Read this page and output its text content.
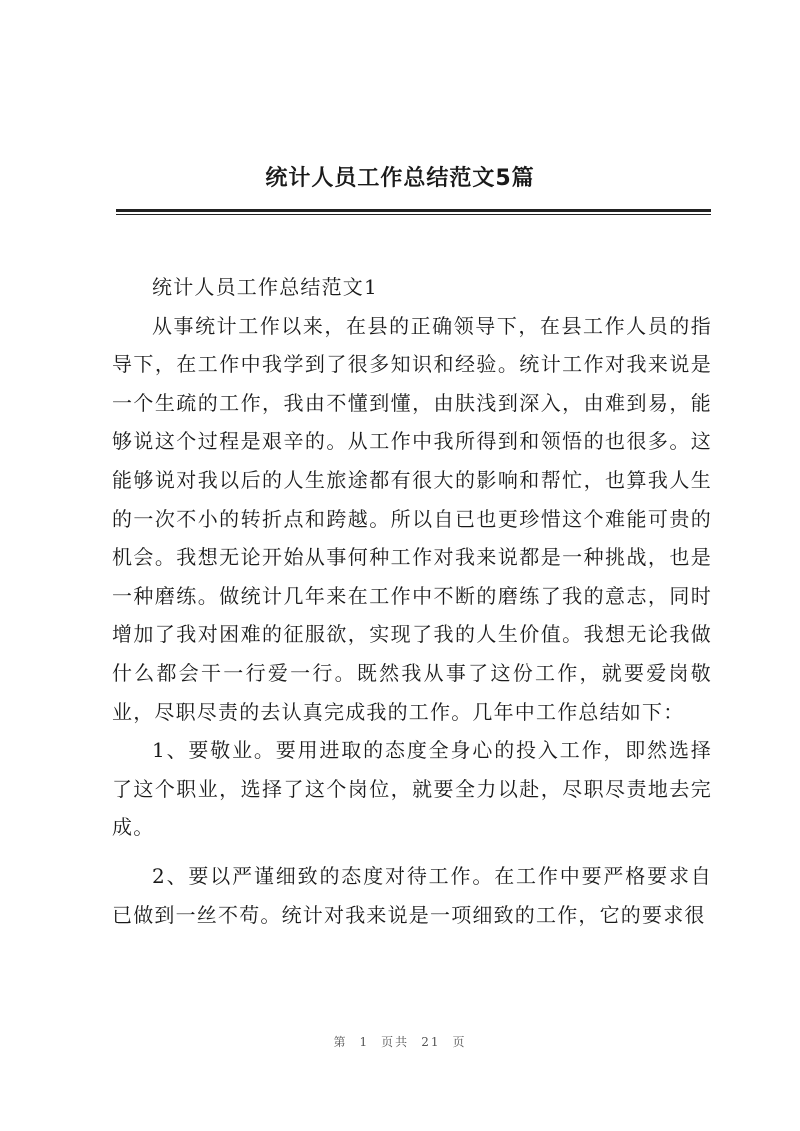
统计人员工作总结范文5篇

统计人员工作总结范文1

从事统计工作以来，在县的正确领导下，在县工作人员的指导下，在工作中我学到了很多知识和经验。统计工作对我来说是一个生疏的工作，我由不懂到懂，由肤浅到深入，由难到易，能够说这个过程是艰辛的。从工作中我所得到和领悟的也很多。这能够说对我以后的人生旅途都有很大的影响和帮忙，也算我人生的一次不小的转折点和跨越。所以自已也更珍惜这个难能可贵的机会。我想无论开始从事何种工作对我来说都是一种挑战，也是一种磨练。做统计几年来在工作中不断的磨练了我的意志，同时增加了我对困难的征服欲，实现了我的人生价值。我想无论我做什么都会干一行爱一行。既然我从事了这份工作，就要爱岗敬业，尽职尽责的去认真完成我的工作。几年中工作总结如下：

1、要敬业。要用进取的态度全身心的投入工作，即然选择了这个职业，选择了这个岗位，就要全力以赴，尽职尽责地去完成。

2、要以严谨细致的态度对待工作。在工作中要严格要求自已做到一丝不苟。统计对我来说是一项细致的工作，它的要求很

第 1 页共 21 页
